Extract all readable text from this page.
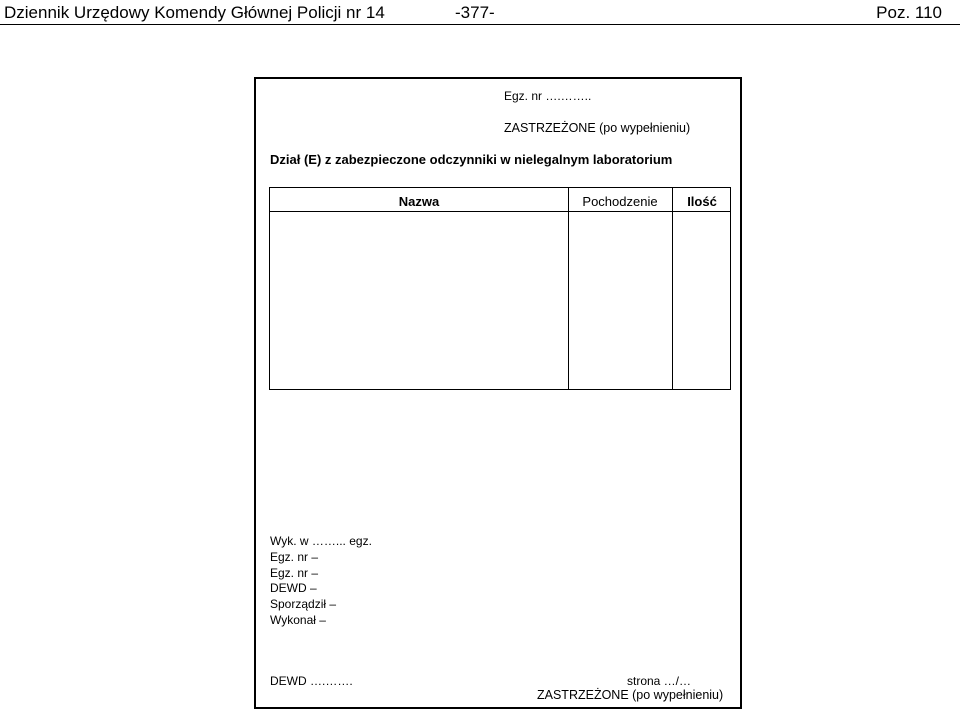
Dziennik Urzędowy Komendy Głównej Policji nr 14	-377-	Poz. 110
Egz. nr ….……..
ZASTRZEŻONE (po wypełnieniu)
Dział (E) z zabezpieczone odczynniki w nielegalnym laboratorium
Nazwa	Pochodzenie	Ilość
Wyk. w ……... egz.
Egz. nr –
Egz. nr –
DEWD –
Sporządził –
Wykonał –
DEWD ….…….	strona …/…
ZASTRZEŻONE (po wypełnieniu)
